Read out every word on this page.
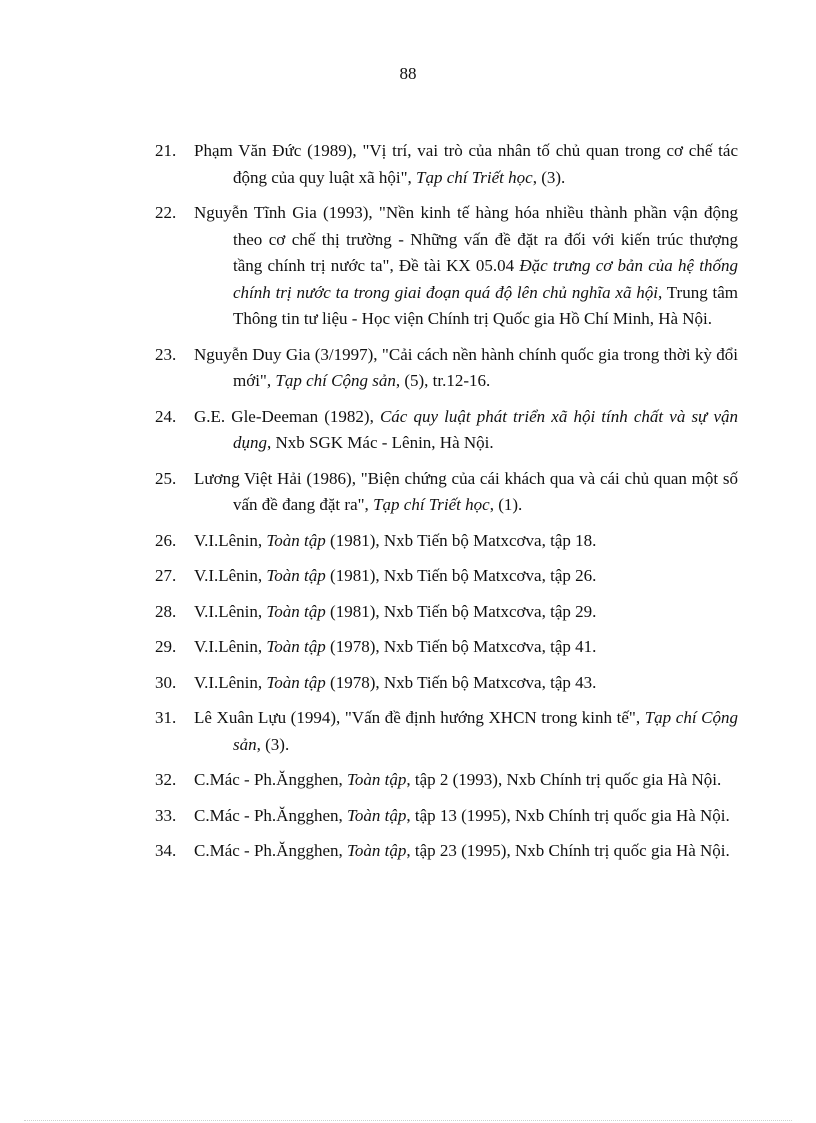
88
21.	Phạm Văn Đức (1989), "Vị trí, vai trò của nhân tố chủ quan trong cơ chế tác động của quy luật xã hội", Tạp chí Triết học, (3).
22.	Nguyễn Tĩnh Gia (1993), "Nền kinh tế hàng hóa nhiều thành phần vận động theo cơ chế thị trường - Những vấn đề đặt ra đối với kiến trúc thượng tầng chính trị nước ta", Đề tài KX 05.04 Đặc trưng cơ bản của hệ thống chính trị nước ta trong giai đoạn quá độ lên chủ nghĩa xã hội, Trung tâm Thông tin tư liệu - Học viện Chính trị Quốc gia Hồ Chí Minh, Hà Nội.
23.	Nguyễn Duy Gia (3/1997), "Cải cách nền hành chính quốc gia trong thời kỳ đổi mới", Tạp chí Cộng sản, (5), tr.12-16.
24.	G.E. Gle-Deeman (1982), Các quy luật phát triển xã hội tính chất và sự vận dụng, Nxb SGK Mác - Lênin, Hà Nội.
25.	Lương Việt Hải (1986), "Biện chứng của cái khách qua và cái chủ quan một số vấn đề đang đặt ra", Tạp chí Triết học, (1).
26.	V.I.Lênin, Toàn tập (1981), Nxb Tiến bộ Matxcơva, tập 18.
27.	V.I.Lênin, Toàn tập (1981), Nxb Tiến bộ Matxcơva, tập 26.
28.	V.I.Lênin, Toàn tập (1981), Nxb Tiến bộ Matxcơva, tập 29.
29.	V.I.Lênin, Toàn tập (1978), Nxb Tiến bộ Matxcơva, tập 41.
30.	V.I.Lênin, Toàn tập (1978), Nxb Tiến bộ Matxcơva, tập 43.
31.	Lê Xuân Lựu (1994), "Vấn đề định hướng XHCN trong kinh tế", Tạp chí Cộng sản, (3).
32.	C.Mác - Ph.Ăngghen, Toàn tập, tập 2 (1993), Nxb Chính trị quốc gia Hà Nội.
33.	C.Mác - Ph.Ăngghen, Toàn tập, tập 13 (1995), Nxb Chính trị quốc gia Hà Nội.
34.	C.Mác - Ph.Ăngghen, Toàn tập, tập 23 (1995), Nxb Chính trị quốc gia Hà Nội.
